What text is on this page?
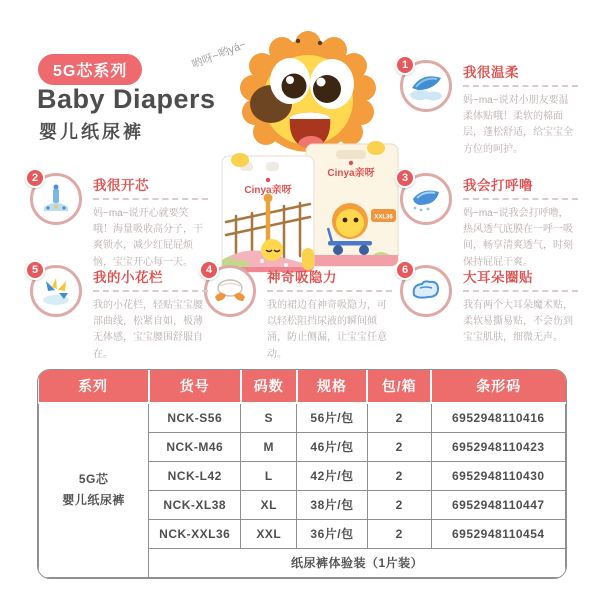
5G芯系列
Baby Diapers
婴儿纸尿裤
哟呀~哟yá~
Cinya亲呀
XXL36
Cinya亲呀
1	我很温柔

妈~ma~说对小朋友要温柔体贴哦！柔软的棉面层，蓬松舒适，给宝宝全方位的呵护。

2	我很开芯

妈~ma~说开心就要笑哦！海量吸收高分子，干爽锁水，减少红屁屁烦恼，宝宝开心每一天。

3	我会打呼噜

妈~ma~说我会打呼噜，热风透气底膜在一呼一吸间，畅享清爽透气，时刻保持屁屁干爽。

4	神奇吸隐力

我的裙边有神奇吸隐力，可以轻松阻挡尿液的瞬间倾涌，防止侧漏，让宝宝任意动。

5	我的小花栏

我的小花栏，轻贴宝宝腰部曲线，松紧自如，极薄无体感，宝宝腰围舒服自在。

6	大耳朵圈贴

我有两个大耳朵魔术贴，柔软易撕易贴，不会伤到宝宝肌肤，细微无声。

系列	货号	码数	规格	包/箱	条形码

5G芯
婴儿纸尿裤	NCK-S56	S	56片/包	2	6952948110416
	NCK-M46	M	46片/包	2	6952948110423
	NCK-L42	L	42片/包	2	6952948110430
	NCK-XL38	XL	38片/包	2	6952948110447
	NCK-XXL36	XXL	36片/包	2	6952948110454
	纸尿裤体验装（1片装）				
